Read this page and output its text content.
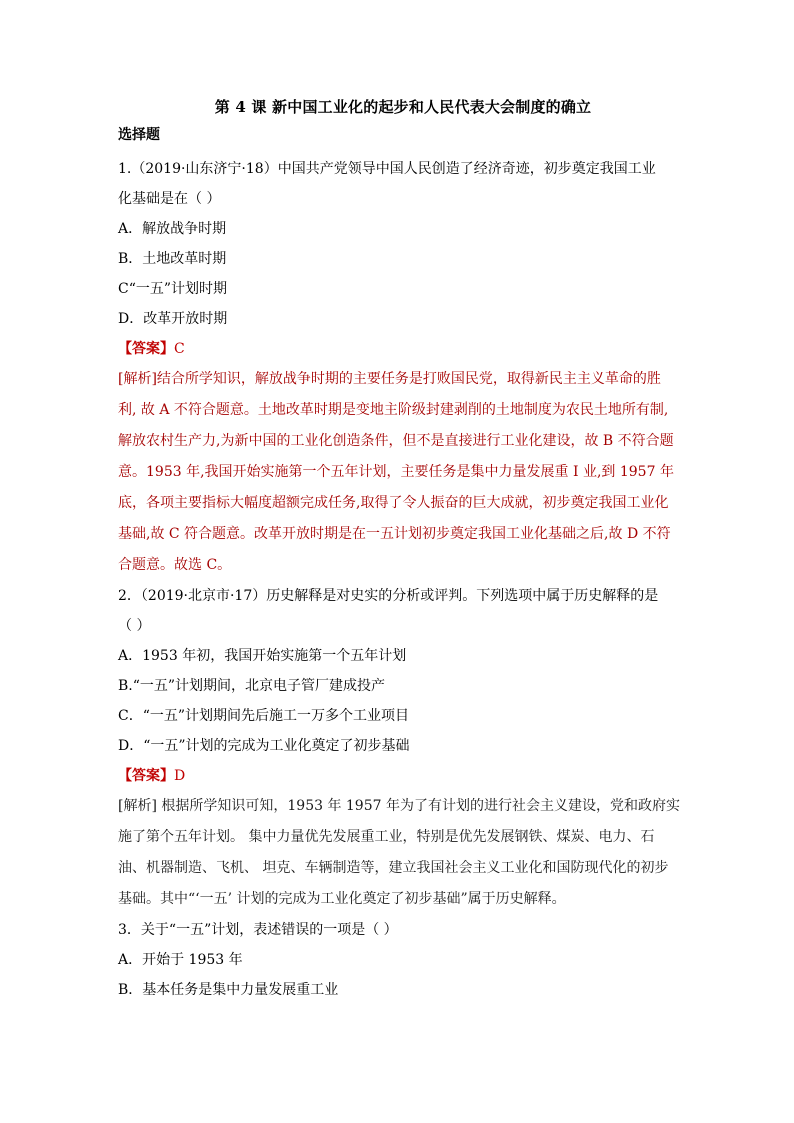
第 4 课 新中国工业化的起步和人民代表大会制度的确立

选择题

1.（2019·山东济宁·18）中国共产党领导中国人民创造了经济奇迹，初步奠定我国工业

化基础是在（ ）

A．解放战争时期

B．土地改革时期

C“一五”计划时期

D．改革开放时期

【答案】C

[解析]结合所学知识，解放战争时期的主要任务是打败国民党，取得新民主主义革命的胜

利, 故 A 不符合题意。土地改革时期是变地主阶级封建剥削的土地制度为农民土地所有制,

解放农村生产力,为新中国的工业化创造条件，但不是直接进行工业化建设，故 B 不符合题

意。1953 年,我国开始实施第一个五年计划，主要任务是集中力量发展重 I 业,到 1957 年

底，各项主要指标大幅度超额完成任务,取得了令人振奋的巨大成就，初步奠定我国工业化

基础,故 C 符合题意。改革开放时期是在一五计划初步奠定我国工业化基础之后,故 D 不符

合题意。故选 C。

2．（2019·北京市·17）历史解释是对史实的分析或评判。下列选项中属于历史解释的是

（ ）

A．1953 年初，我国开始实施第一个五年计划

B.“一五”计划期间，北京电子管厂建成投产

C．“一五”计划期间先后施工一万多个工业项目

D．“一五”计划的完成为工业化奠定了初步基础

【答案】D

[解析] 根据所学知识可知，1953 年 1957 年为了有计划的进行社会主义建设，党和政府实

施了第个五年计划。 集中力量优先发展重工业，特别是优先发展钢铁、煤炭、电力、石

油、机器制造、飞机、 坦克、车辆制造等，建立我国社会主义工业化和国防现代化的初步

基础。其中“‘一五’ 计划的完成为工业化奠定了初步基础”属于历史解释。

3．关于“一五”计划，表述错误的一项是（ ）

A．开始于 1953 年

B．基本任务是集中力量发展重工业
